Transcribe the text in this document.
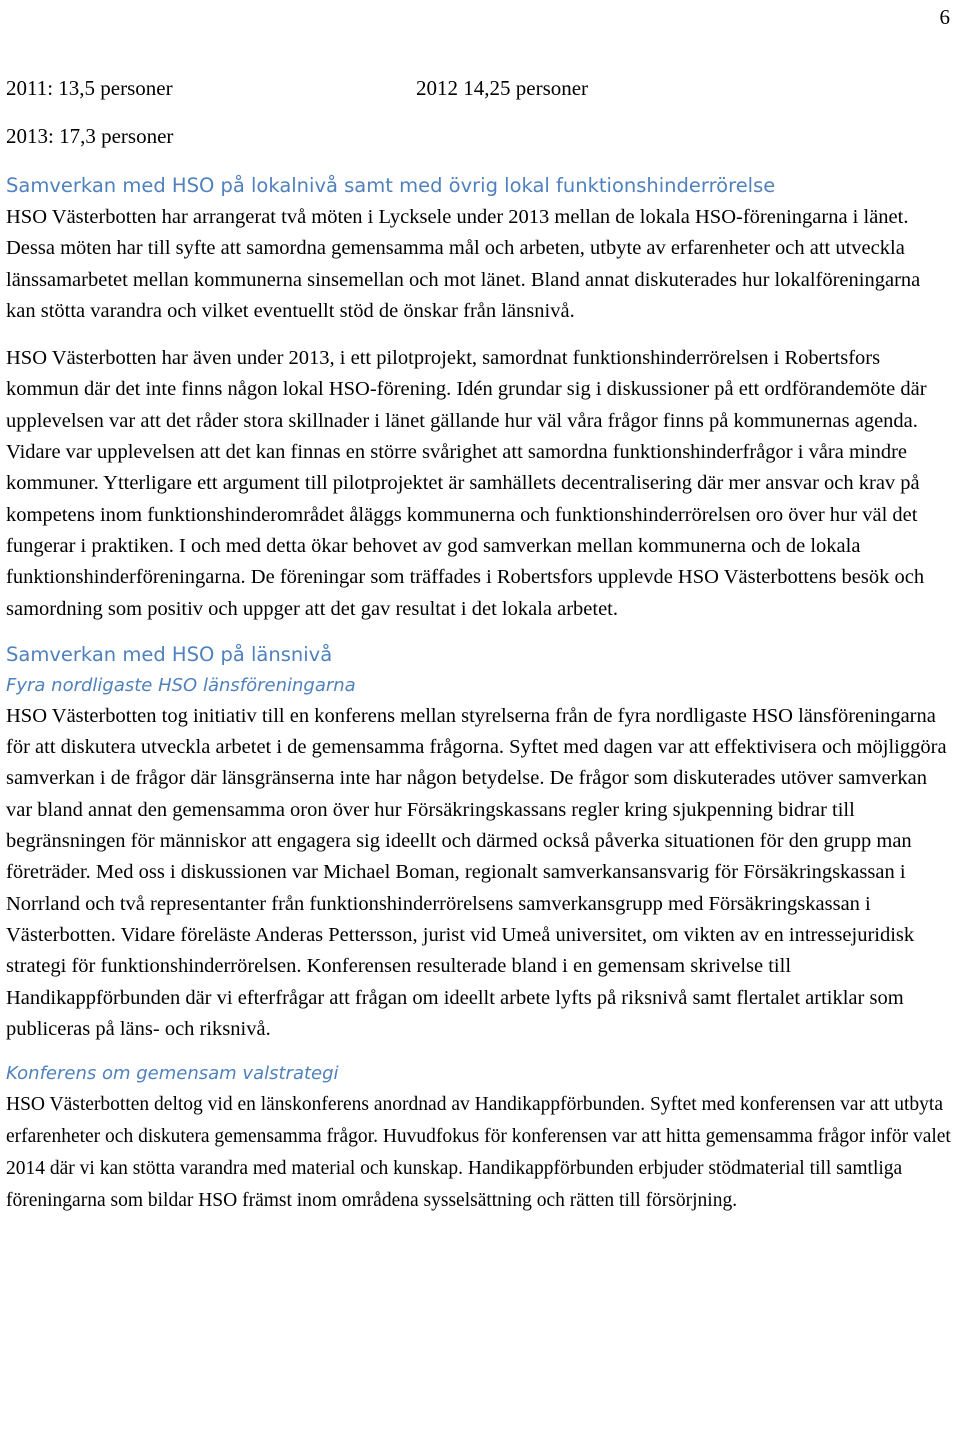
6
2011: 13,5 personer	2012 14,25 personer
2013: 17,3 personer
Samverkan med HSO på lokalnivå samt med övrig lokal funktionshinderrörelse

HSO Västerbotten har arrangerat två möten i Lycksele under 2013 mellan de lokala HSO-föreningarna i länet. Dessa möten har till syfte att samordna gemensamma mål och arbeten, utbyte av erfarenheter och att utveckla länssamarbetet mellan kommunerna sinsemellan och mot länet. Bland annat diskuterades hur lokalföreningarna kan stötta varandra och vilket eventuellt stöd de önskar från länsnivå.

HSO Västerbotten har även under 2013, i ett pilotprojekt, samordnat funktionshinderrörelsen i Robertsfors kommun där det inte finns någon lokal HSO-förening. Idén grundar sig i diskussioner på ett ordförandemöte där upplevelsen var att det råder stora skillnader i länet gällande hur väl våra frågor finns på kommunernas agenda. Vidare var upplevelsen att det kan finnas en större svårighet att samordna funktionshinderfrågor i våra mindre kommuner. Ytterligare ett argument till pilotprojektet är samhällets decentralisering där mer ansvar och krav på kompetens inom funktionshinderområdet åläggs kommunerna och funktionshinderrörelsen oro över hur väl det fungerar i praktiken. I och med detta ökar behovet av god samverkan mellan kommunerna och de lokala funktionshinderföreningarna. De föreningar som träffades i Robertsfors upplevde HSO Västerbottens besök och samordning som positiv och uppger att det gav resultat i det lokala arbetet.

Samverkan med HSO på länsnivå
Fyra nordligaste HSO länsföreningarna

HSO Västerbotten tog initiativ till en konferens mellan styrelserna från de fyra nordligaste HSO länsföreningarna för att diskutera utveckla arbetet i de gemensamma frågorna. Syftet med dagen var att effektivisera och möjliggöra samverkan i de frågor där länsgränserna inte har någon betydelse. De frågor som diskuterades utöver samverkan var bland annat den gemensamma oron över hur Försäkringskassans regler kring sjukpenning bidrar till begränsningen för människor att engagera sig ideellt och därmed också påverka situationen för den grupp man företräder. Med oss i diskussionen var Michael Boman, regionalt samverkansansvarig för Försäkringskassan i Norrland och två representanter från funktionshinderrörelsens samverkansgrupp med Försäkringskassan i Västerbotten. Vidare föreläste Anderas Pettersson, jurist vid Umeå universitet, om vikten av en intressejuridisk strategi för funktionshinderrörelsen. Konferensen resulterade bland i en gemensam skrivelse till Handikappförbunden där vi efterfrågar att frågan om ideellt arbete lyfts på riksnivå samt flertalet artiklar som publiceras på läns- och riksnivå.

Konferens om gemensam valstrategi

HSO Västerbotten deltog vid en länskonferens anordnad av Handikappförbunden. Syftet med konferensen var att utbyta erfarenheter och diskutera gemensamma frågor. Huvudfokus för konferensen var att hitta gemensamma frågor inför valet 2014 där vi kan stötta varandra med material och kunskap. Handikappförbunden erbjuder stödmaterial till samtliga föreningarna som bildar HSO främst inom områdena sysselsättning och rätten till försörjning.
